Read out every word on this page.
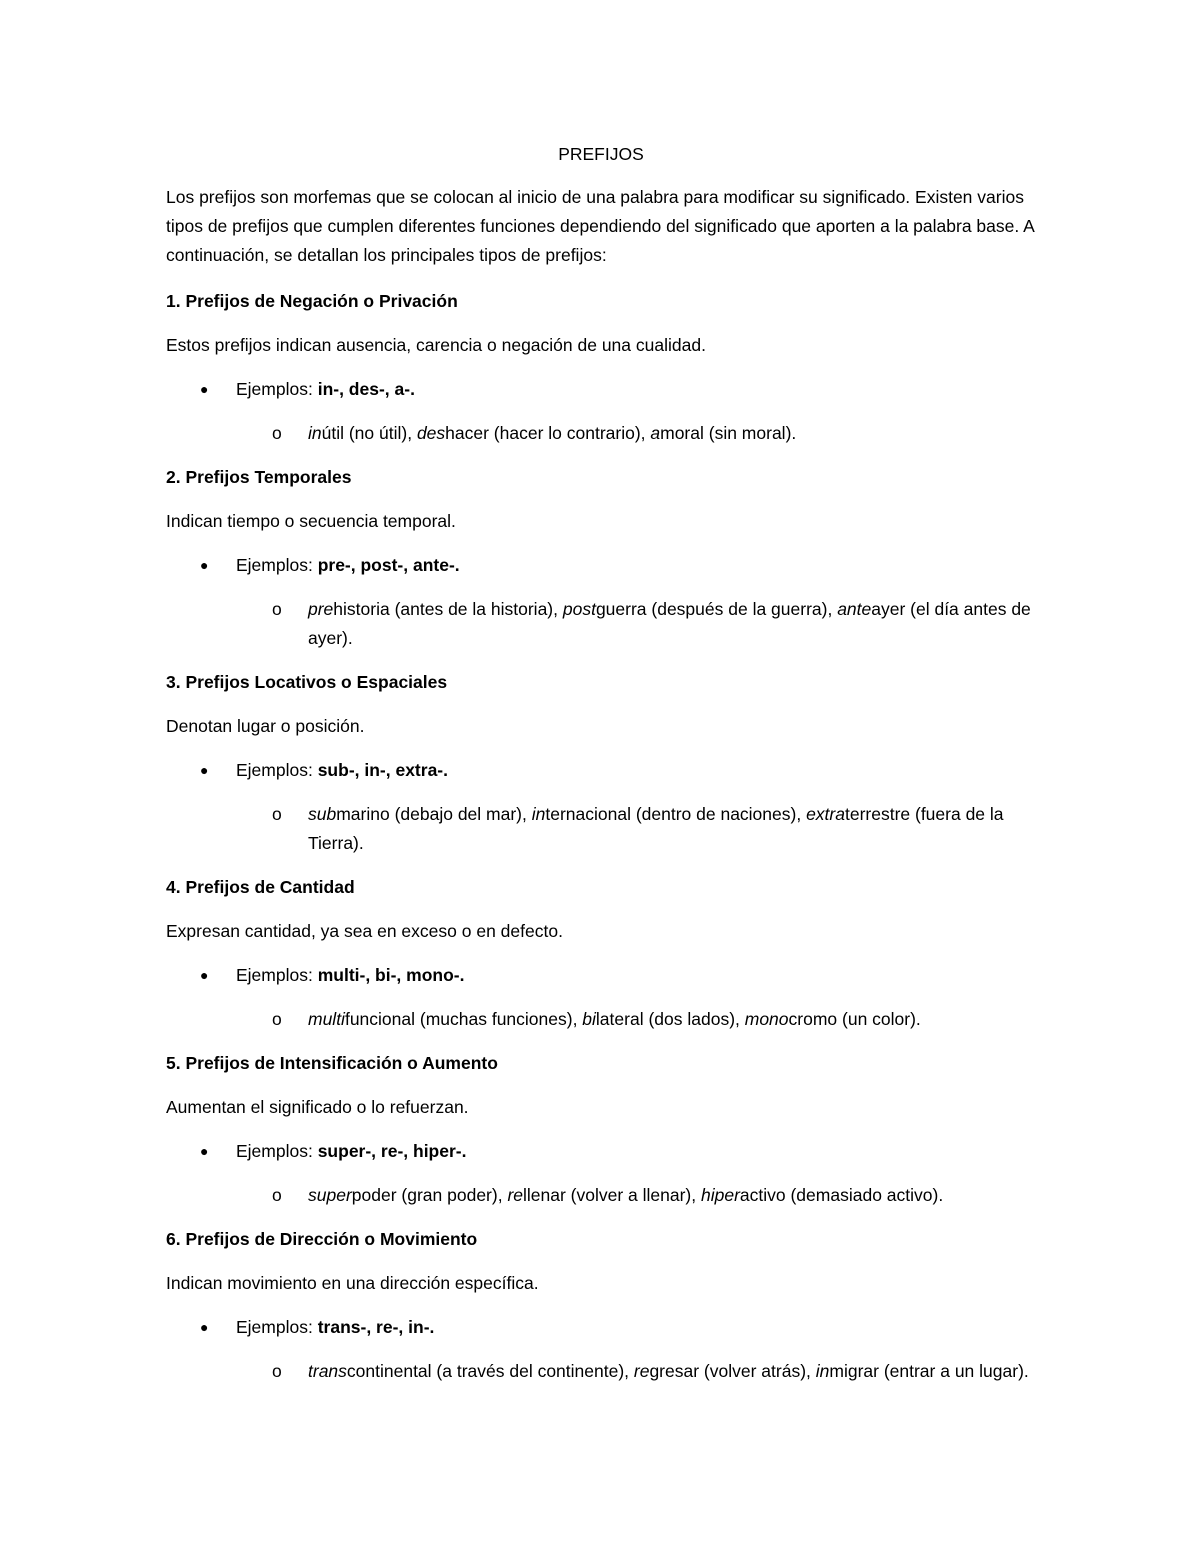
PREFIJOS

Los prefijos son morfemas que se colocan al inicio de una palabra para modificar su significado. Existen varios tipos de prefijos que cumplen diferentes funciones dependiendo del significado que aporten a la palabra base. A continuación, se detallan los principales tipos de prefijos:

1. Prefijos de Negación o Privación

Estos prefijos indican ausencia, carencia o negación de una cualidad.

● Ejemplos: in-, des-, a-.
o inútil (no útil), deshacer (hacer lo contrario), amoral (sin moral).

2. Prefijos Temporales

Indican tiempo o secuencia temporal.

● Ejemplos: pre-, post-, ante-.
o prehistoria (antes de la historia), postguerra (después de la guerra), anteayer (el día antes de ayer).

3. Prefijos Locativos o Espaciales

Denotan lugar o posición.

● Ejemplos: sub-, in-, extra-.
o submarino (debajo del mar), internacional (dentro de naciones), extraterrestre (fuera de la Tierra).

4. Prefijos de Cantidad

Expresan cantidad, ya sea en exceso o en defecto.

● Ejemplos: multi-, bi-, mono-.
o multifuncional (muchas funciones), bilateral (dos lados), monocromo (un color).

5. Prefijos de Intensificación o Aumento

Aumentan el significado o lo refuerzan.

● Ejemplos: super-, re-, hiper-.
o superpoder (gran poder), rellenar (volver a llenar), hiperactivo (demasiado activo).

6. Prefijos de Dirección o Movimiento

Indican movimiento en una dirección específica.

● Ejemplos: trans-, re-, in-.
o transcontinental (a través del continente), regresar (volver atrás), inmigrar (entrar a un lugar).
